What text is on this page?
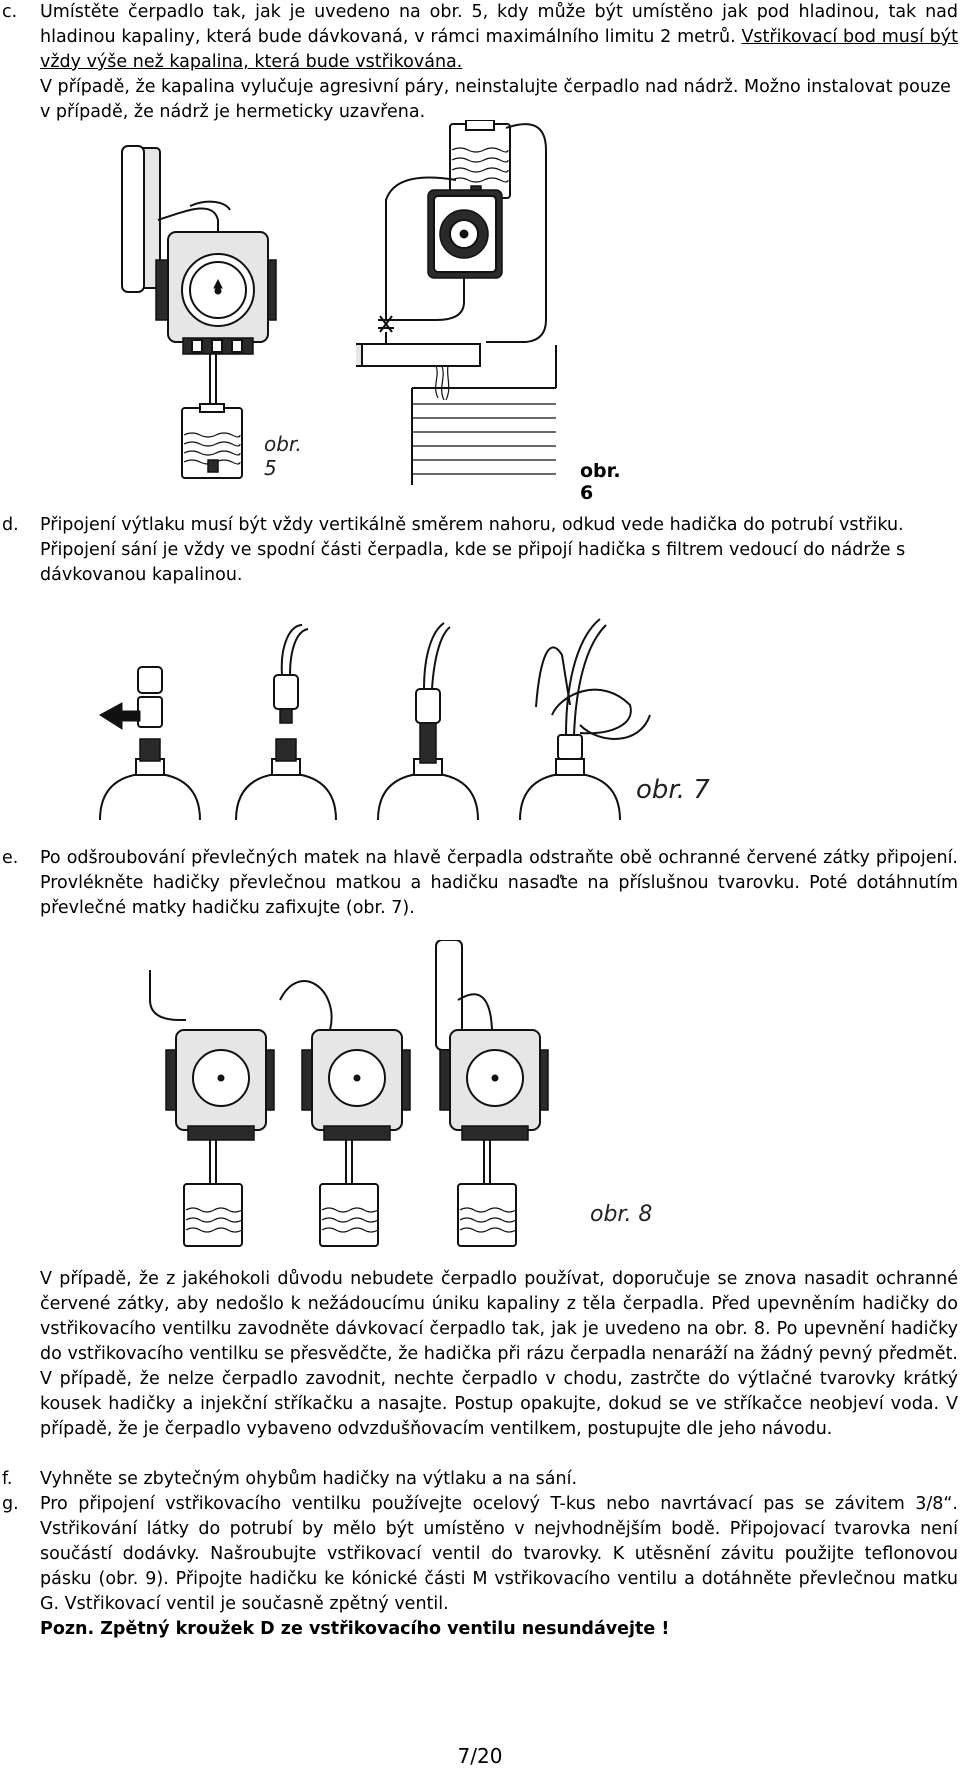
c. Umístěte čerpadlo tak, jak je uvedeno na obr. 5, kdy může být umístěno jak pod hladinou, tak nad hladinou kapaliny, která bude dávkovaná, v rámci maximálního limitu 2 metrů. Vstřikovací bod musí být vždy výše než kapalina, která bude vstřikována.
V případě, že kapalina vylučuje agresivní páry, neinstalujte čerpadlo nad nádrž. Možno instalovat pouze v případě, že nádrž je hermeticky uzavřena.
obr. 5	obr. 6
d. Připojení výtlaku musí být vždy vertikálně směrem nahoru, odkud vede hadička do potrubí vstřiku. Připojení sání je vždy ve spodní části čerpadla, kde se připojí hadička s filtrem vedoucí do nádrže s dávkovanou kapalinou.
obr. 7
e. Po odšroubování převlečných matek na hlavě čerpadla odstraňte obě ochranné červené zátky připojení. Provlékněte hadičky převlečnou matkou a hadičku nasaďte na příslušnou tvarovku. Poté dotáhnutím převlečné matky hadičku zafixujte (obr. 7).
obr. 8
V případě, že z jakéhokoli důvodu nebudete čerpadlo používat, doporučuje se znova nasadit ochranné červené zátky, aby nedošlo k nežádoucímu úniku kapaliny z těla čerpadla. Před upevněním hadičky do vstřikovacího ventilku zavodněte dávkovací čerpadlo tak, jak je uvedeno na obr. 8. Po upevnění hadičky do vstřikovacího ventilku se přesvědčte, že hadička při rázu čerpadla nenaráží na žádný pevný předmět. V případě, že nelze čerpadlo zavodnit, nechte čerpadlo v chodu, zastrčte do výtlačné tvarovky krátký kousek hadičky a injekční stříkačku a nasajte. Postup opakujte, dokud se ve stříkačce neobjeví voda. V případě, že je čerpadlo vybaveno odvzdušňovacím ventilkem, postupujte dle jeho návodu.
f. Vyhněte se zbytečným ohybům hadičky na výtlaku a na sání.
g. Pro připojení vstřikovacího ventilku používejte ocelový T-kus nebo navrtávací pas se závitem 3/8“. Vstřikování látky do potrubí by mělo být umístěno v nejvhodnějším bodě. Připojovací tvarovka není součástí dodávky. Našroubujte vstřikovací ventil do tvarovky. K utěsnění závitu použijte teflonovou pásku (obr. 9). Připojte hadičku ke kónické části M vstřikovacího ventilu a dotáhněte převlečnou matku G. Vstřikovací ventil je současně zpětný ventil.
Pozn. Zpětný kroužek D ze vstřikovacího ventilu nesundávejte !
7/20
